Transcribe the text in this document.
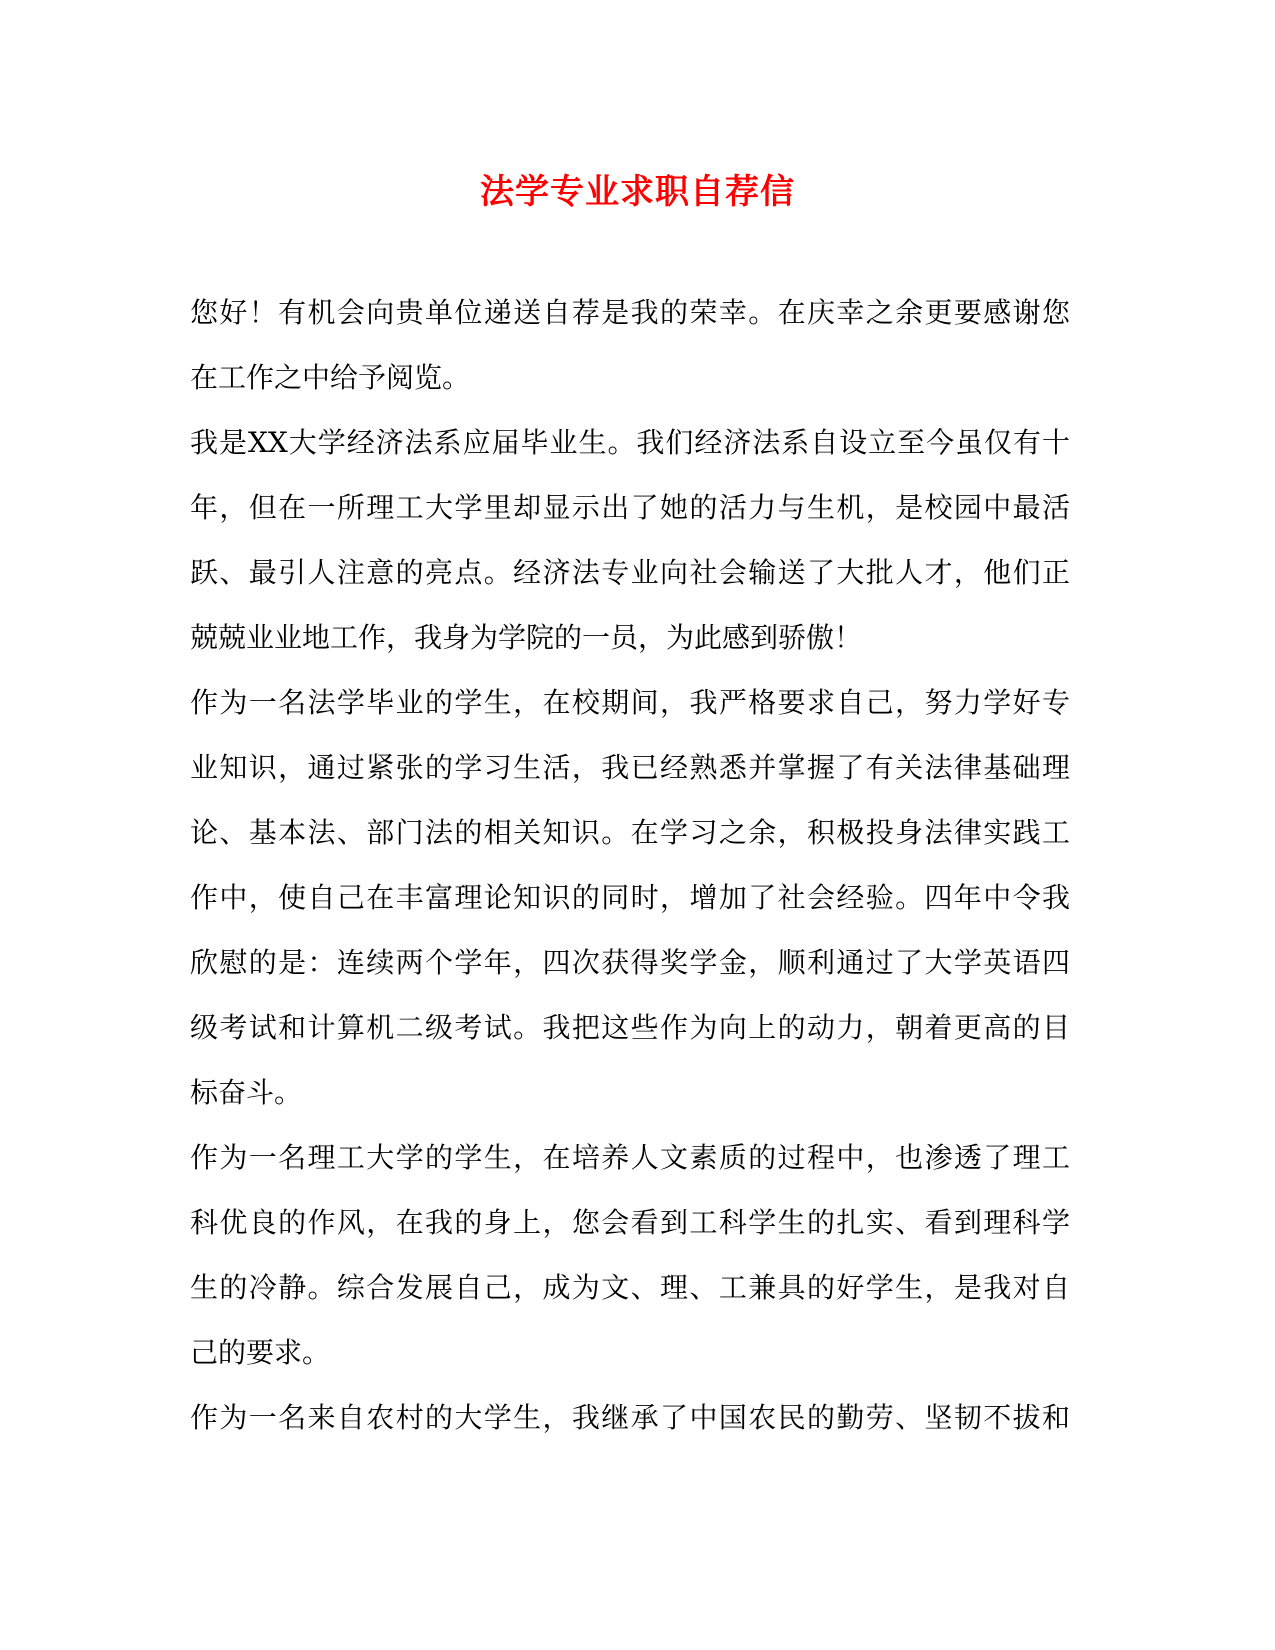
法学专业求职自荐信
您好！有机会向贵单位递送自荐是我的荣幸。在庆幸之余更要感谢您
在工作之中给予阅览。
我是XX大学经济法系应届毕业生。我们经济法系自设立至今虽仅有十
年，但在一所理工大学里却显示出了她的活力与生机，是校园中最活
跃、最引人注意的亮点。经济法专业向社会输送了大批人才，他们正
兢兢业业地工作，我身为学院的一员，为此感到骄傲！
作为一名法学毕业的学生，在校期间，我严格要求自己，努力学好专
业知识，通过紧张的学习生活，我已经熟悉并掌握了有关法律基础理
论、基本法、部门法的相关知识。在学习之余，积极投身法律实践工
作中，使自己在丰富理论知识的同时，增加了社会经验。四年中令我
欣慰的是：连续两个学年，四次获得奖学金，顺利通过了大学英语四
级考试和计算机二级考试。我把这些作为向上的动力，朝着更高的目
标奋斗。
作为一名理工大学的学生，在培养人文素质的过程中，也渗透了理工
科优良的作风，在我的身上，您会看到工科学生的扎实、看到理科学
生的冷静。综合发展自己，成为文、理、工兼具的好学生，是我对自
己的要求。
作为一名来自农村的大学生，我继承了中国农民的勤劳、坚韧不拔和
